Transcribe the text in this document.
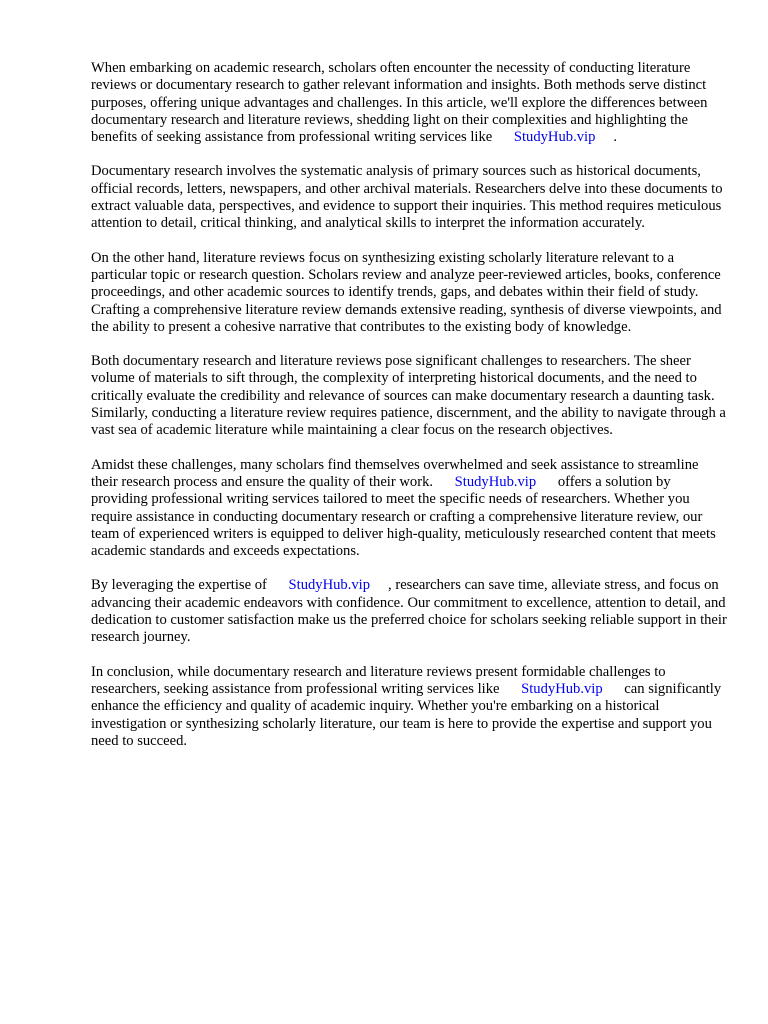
When embarking on academic research, scholars often encounter the necessity of conducting literature reviews or documentary research to gather relevant information and insights. Both methods serve distinct purposes, offering unique advantages and challenges. In this article, we'll explore the differences between documentary research and literature reviews, shedding light on their complexities and highlighting the benefits of seeking assistance from professional writing services like StudyHub.vip .

Documentary research involves the systematic analysis of primary sources such as historical documents, official records, letters, newspapers, and other archival materials. Researchers delve into these documents to extract valuable data, perspectives, and evidence to support their inquiries. This method requires meticulous attention to detail, critical thinking, and analytical skills to interpret the information accurately.

On the other hand, literature reviews focus on synthesizing existing scholarly literature relevant to a particular topic or research question. Scholars review and analyze peer-reviewed articles, books, conference proceedings, and other academic sources to identify trends, gaps, and debates within their field of study. Crafting a comprehensive literature review demands extensive reading, synthesis of diverse viewpoints, and the ability to present a cohesive narrative that contributes to the existing body of knowledge.

Both documentary research and literature reviews pose significant challenges to researchers. The sheer volume of materials to sift through, the complexity of interpreting historical documents, and the need to critically evaluate the credibility and relevance of sources can make documentary research a daunting task. Similarly, conducting a literature review requires patience, discernment, and the ability to navigate through a vast sea of academic literature while maintaining a clear focus on the research objectives.

Amidst these challenges, many scholars find themselves overwhelmed and seek assistance to streamline their research process and ensure the quality of their work. StudyHub.vip offers a solution by providing professional writing services tailored to meet the specific needs of researchers. Whether you require assistance in conducting documentary research or crafting a comprehensive literature review, our team of experienced writers is equipped to deliver high-quality, meticulously researched content that meets academic standards and exceeds expectations.

By leveraging the expertise of StudyHub.vip , researchers can save time, alleviate stress, and focus on advancing their academic endeavors with confidence. Our commitment to excellence, attention to detail, and dedication to customer satisfaction make us the preferred choice for scholars seeking reliable support in their research journey.

In conclusion, while documentary research and literature reviews present formidable challenges to researchers, seeking assistance from professional writing services like StudyHub.vip can significantly enhance the efficiency and quality of academic inquiry. Whether you're embarking on a historical investigation or synthesizing scholarly literature, our team is here to provide the expertise and support you need to succeed.
